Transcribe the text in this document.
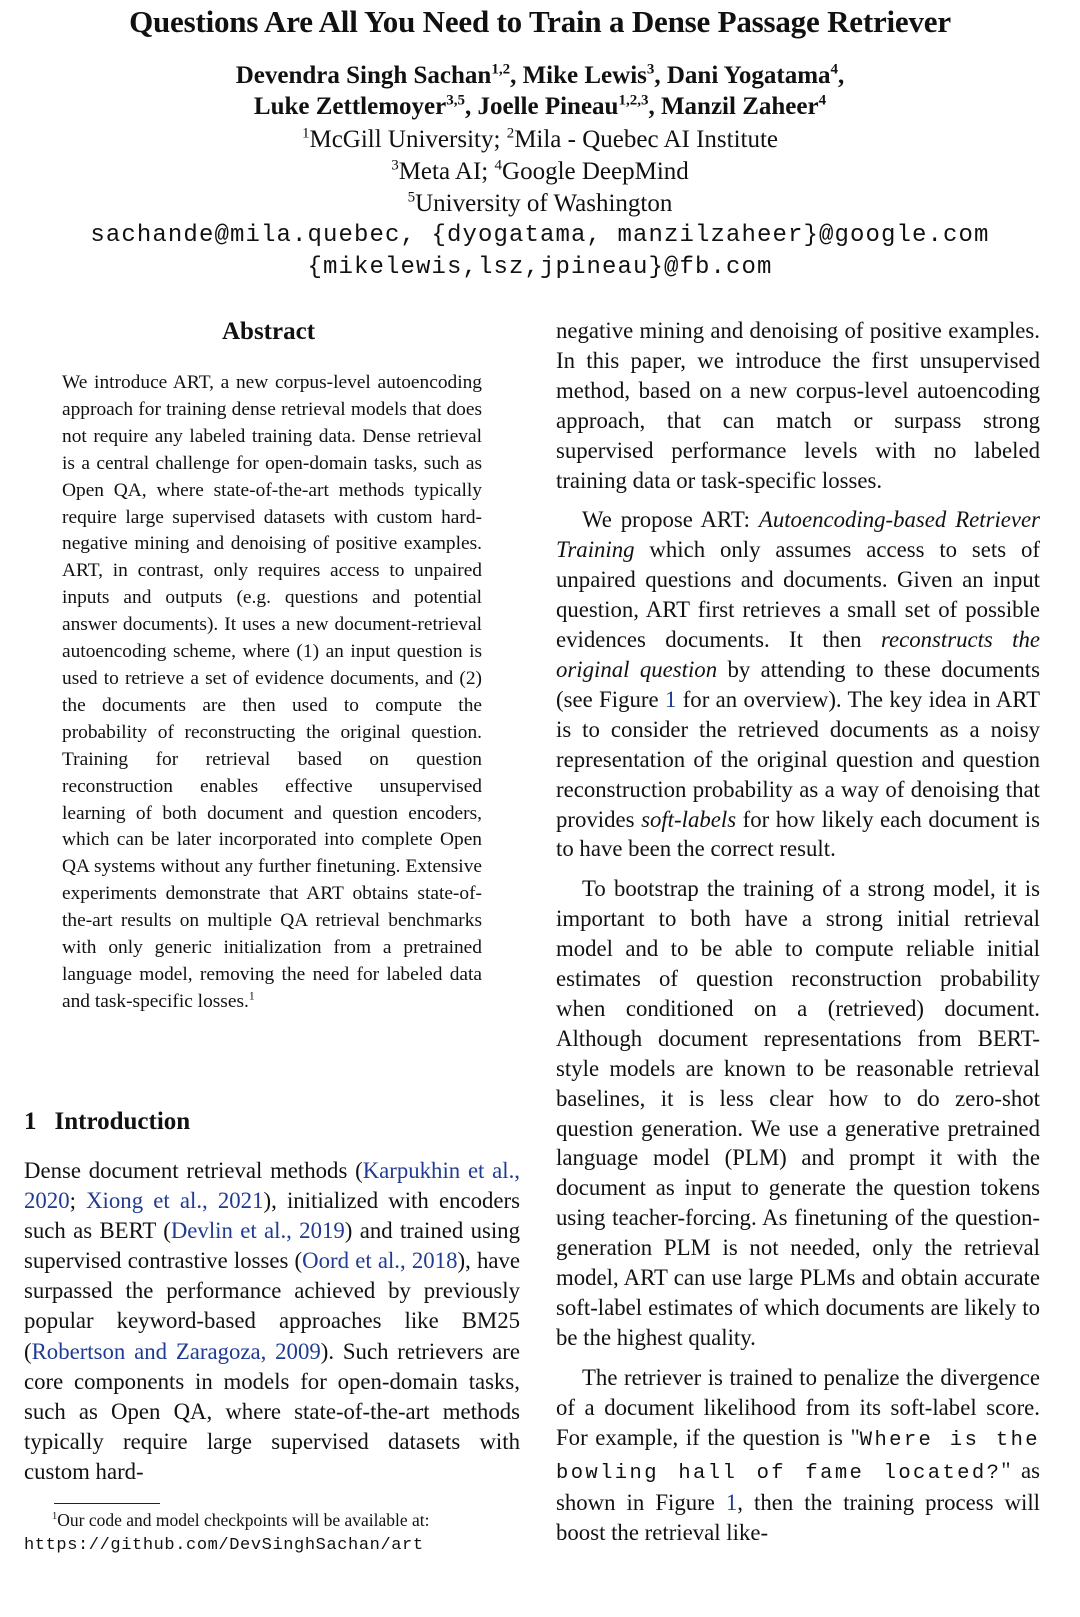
Questions Are All You Need to Train a Dense Passage Retriever
Devendra Singh Sachan$^{1,2}$, Mike Lewis$^3$, Dani Yogatama$^4$,
Luke Zettlemoyer$^{3,5}$, Joelle Pineau$^{1,2,3}$, Manzil Zaheer$^4$
$^1$McGill University; $^2$Mila - Quebec AI Institute
$^3$Meta AI; $^4$Google DeepMind
$^5$University of Washington
sachande@mila.quebec, {dyogatama, manzilzaheer}@google.com
{mikelewis,lsz,jpineau}@fb.com
Abstract
We introduce ART, a new corpus-level autoencoding approach for training dense retrieval models that does not require any labeled training data. Dense retrieval is a central challenge for open-domain tasks, such as Open QA, where state-of-the-art methods typically require large supervised datasets with custom hard-negative mining and denoising of positive examples. ART, in contrast, only requires access to unpaired inputs and outputs (e.g. questions and potential answer documents). It uses a new document-retrieval autoencoding scheme, where (1) an input question is used to retrieve a set of evidence documents, and (2) the documents are then used to compute the probability of reconstructing the original question. Training for retrieval based on question reconstruction enables effective unsupervised learning of both document and question encoders, which can be later incorporated into complete Open QA systems without any further finetuning. Extensive experiments demonstrate that ART obtains state-of-the-art results on multiple QA retrieval benchmarks with only generic initialization from a pretrained language model, removing the need for labeled data and task-specific losses.$^1$
1 Introduction
Dense document retrieval methods (Karpukhin et al., 2020; Xiong et al., 2021), initialized with encoders such as BERT (Devlin et al., 2019) and trained using supervised contrastive losses (Oord et al., 2018), have surpassed the performance achieved by previously popular keyword-based approaches like BM25 (Robertson and Zaragoza, 2009). Such retrievers are core components in models for open-domain tasks, such as Open QA, where state-of-the-art methods typically require large supervised datasets with custom hard-
$^1$Our code and model checkpoints will be available at:
https://github.com/DevSinghSachan/art

negative mining and denoising of positive examples. In this paper, we introduce the first unsupervised method, based on a new corpus-level autoencoding approach, that can match or surpass strong supervised performance levels with no labeled training data or task-specific losses.

We propose ART: Autoencoding-based Retriever Training which only assumes access to sets of unpaired questions and documents. Given an input question, ART first retrieves a small set of possible evidences documents. It then reconstructs the original question by attending to these documents (see Figure 1 for an overview). The key idea in ART is to consider the retrieved documents as a noisy representation of the original question and question reconstruction probability as a way of denoising that provides soft-labels for how likely each document is to have been the correct result.

To bootstrap the training of a strong model, it is important to both have a strong initial retrieval model and to be able to compute reliable initial estimates of question reconstruction probability when conditioned on a (retrieved) document. Although document representations from BERT-style models are known to be reasonable retrieval baselines, it is less clear how to do zero-shot question generation. We use a generative pretrained language model (PLM) and prompt it with the document as input to generate the question tokens using teacher-forcing. As finetuning of the question-generation PLM is not needed, only the retrieval model, ART can use large PLMs and obtain accurate soft-label estimates of which documents are likely to be the highest quality.

The retriever is trained to penalize the divergence of a document likelihood from its soft-label score. For example, if the question is "Where is the bowling hall of fame located?" as shown in Figure 1, then the training process will boost the retrieval like-
